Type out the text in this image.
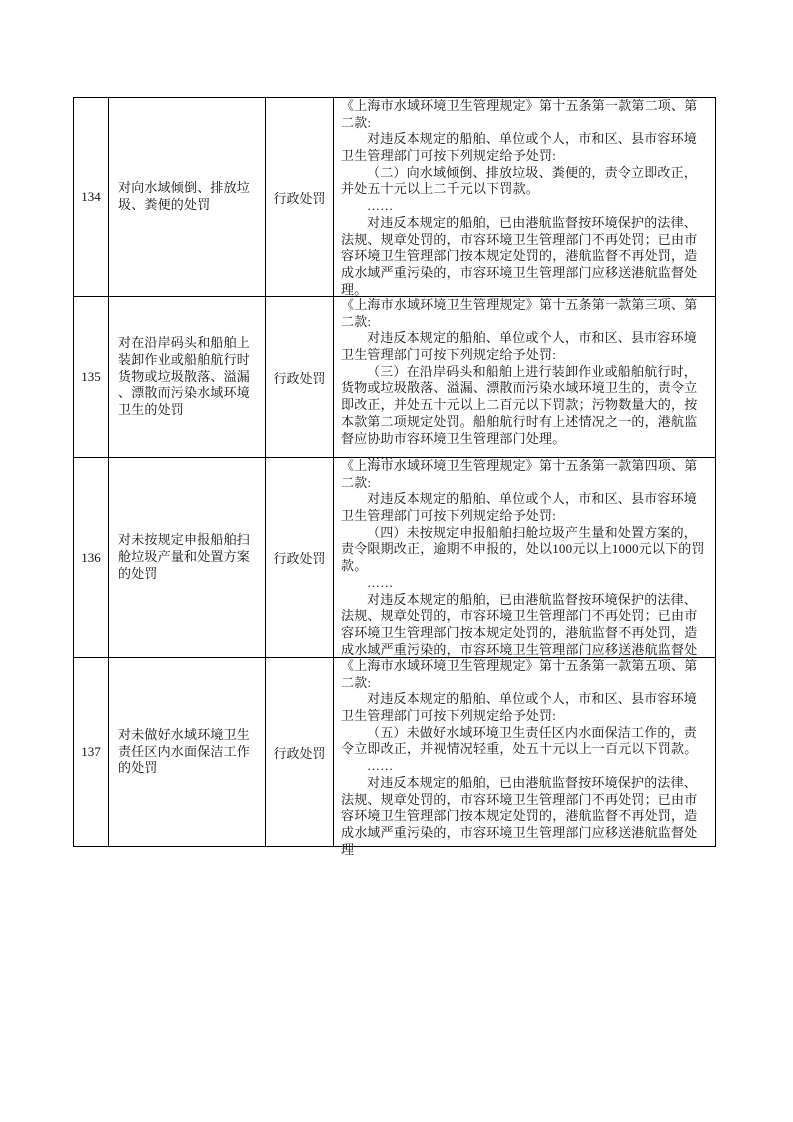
134
对向水域倾倒、排放垃
圾、粪便的处罚	行政处罚
《上海市水域环境卫生管理规定》第十五条第一款第二项、第
二款:
对违反本规定的船舶、单位或个人，市和区、县市容环境
卫生管理部门可按下列规定给予处罚:
（二）向水域倾倒、排放垃圾、粪便的，责令立即改正，
并处五十元以上二千元以下罚款。
……
对违反本规定的船舶，已由港航监督按环境保护的法律、
法规、规章处罚的，市容环境卫生管理部门不再处罚；已由市
容环境卫生管理部门按本规定处罚的，港航监督不再处罚，造
成水域严重污染的，市容环境卫生管理部门应移送港航监督处
理。
135
对在沿岸码头和船舶上
装卸作业或船舶航行时
货物或垃圾散落、溢漏
、漂散而污染水域环境
卫生的处罚
行政处罚
《上海市水域环境卫生管理规定》第十五条第一款第三项、第
二款:
对违反本规定的船舶、单位或个人，市和区、县市容环境
卫生管理部门可按下列规定给予处罚:
（三）在沿岸码头和船舶上进行装卸作业或船舶航行时，
货物或垃圾散落、溢漏、漂散而污染水域环境卫生的，责令立
即改正，并处五十元以上二百元以下罚款；污物数量大的，按
本款第二项规定处罚。船舶航行时有上述情况之一的，港航监
督应协助市容环境卫生管理部门处理。
……
136
对未按规定申报船舶扫
舱垃圾产量和处置方案
的处罚
行政处罚
《上海市水域环境卫生管理规定》第十五条第一款第四项、第
二款:
对违反本规定的船舶、单位或个人，市和区、县市容环境
卫生管理部门可按下列规定给予处罚:
（四）未按规定申报船舶扫舱垃圾产生量和处置方案的，
责令限期改正，逾期不申报的，处以100元以上1000元以下的罚
款。
……
对违反本规定的船舶，已由港航监督按环境保护的法律、
法规、规章处罚的，市容环境卫生管理部门不再处罚；已由市
容环境卫生管理部门按本规定处罚的，港航监督不再处罚，造
成水域严重污染的，市容环境卫生管理部门应移送港航监督处
137
对未做好水域环境卫生
责任区内水面保洁工作
的处罚
行政处罚
《上海市水域环境卫生管理规定》第十五条第一款第五项、第
二款:
对违反本规定的船舶、单位或个人，市和区、县市容环境
卫生管理部门可按下列规定给予处罚:
（五）未做好水域环境卫生责任区内水面保洁工作的，责
令立即改正，并视情况轻重，处五十元以上一百元以下罚款。
……
对违反本规定的船舶，已由港航监督按环境保护的法律、
法规、规章处罚的，市容环境卫生管理部门不再处罚；已由市
容环境卫生管理部门按本规定处罚的，港航监督不再处罚，造
成水域严重污染的，市容环境卫生管理部门应移送港航监督处
理
